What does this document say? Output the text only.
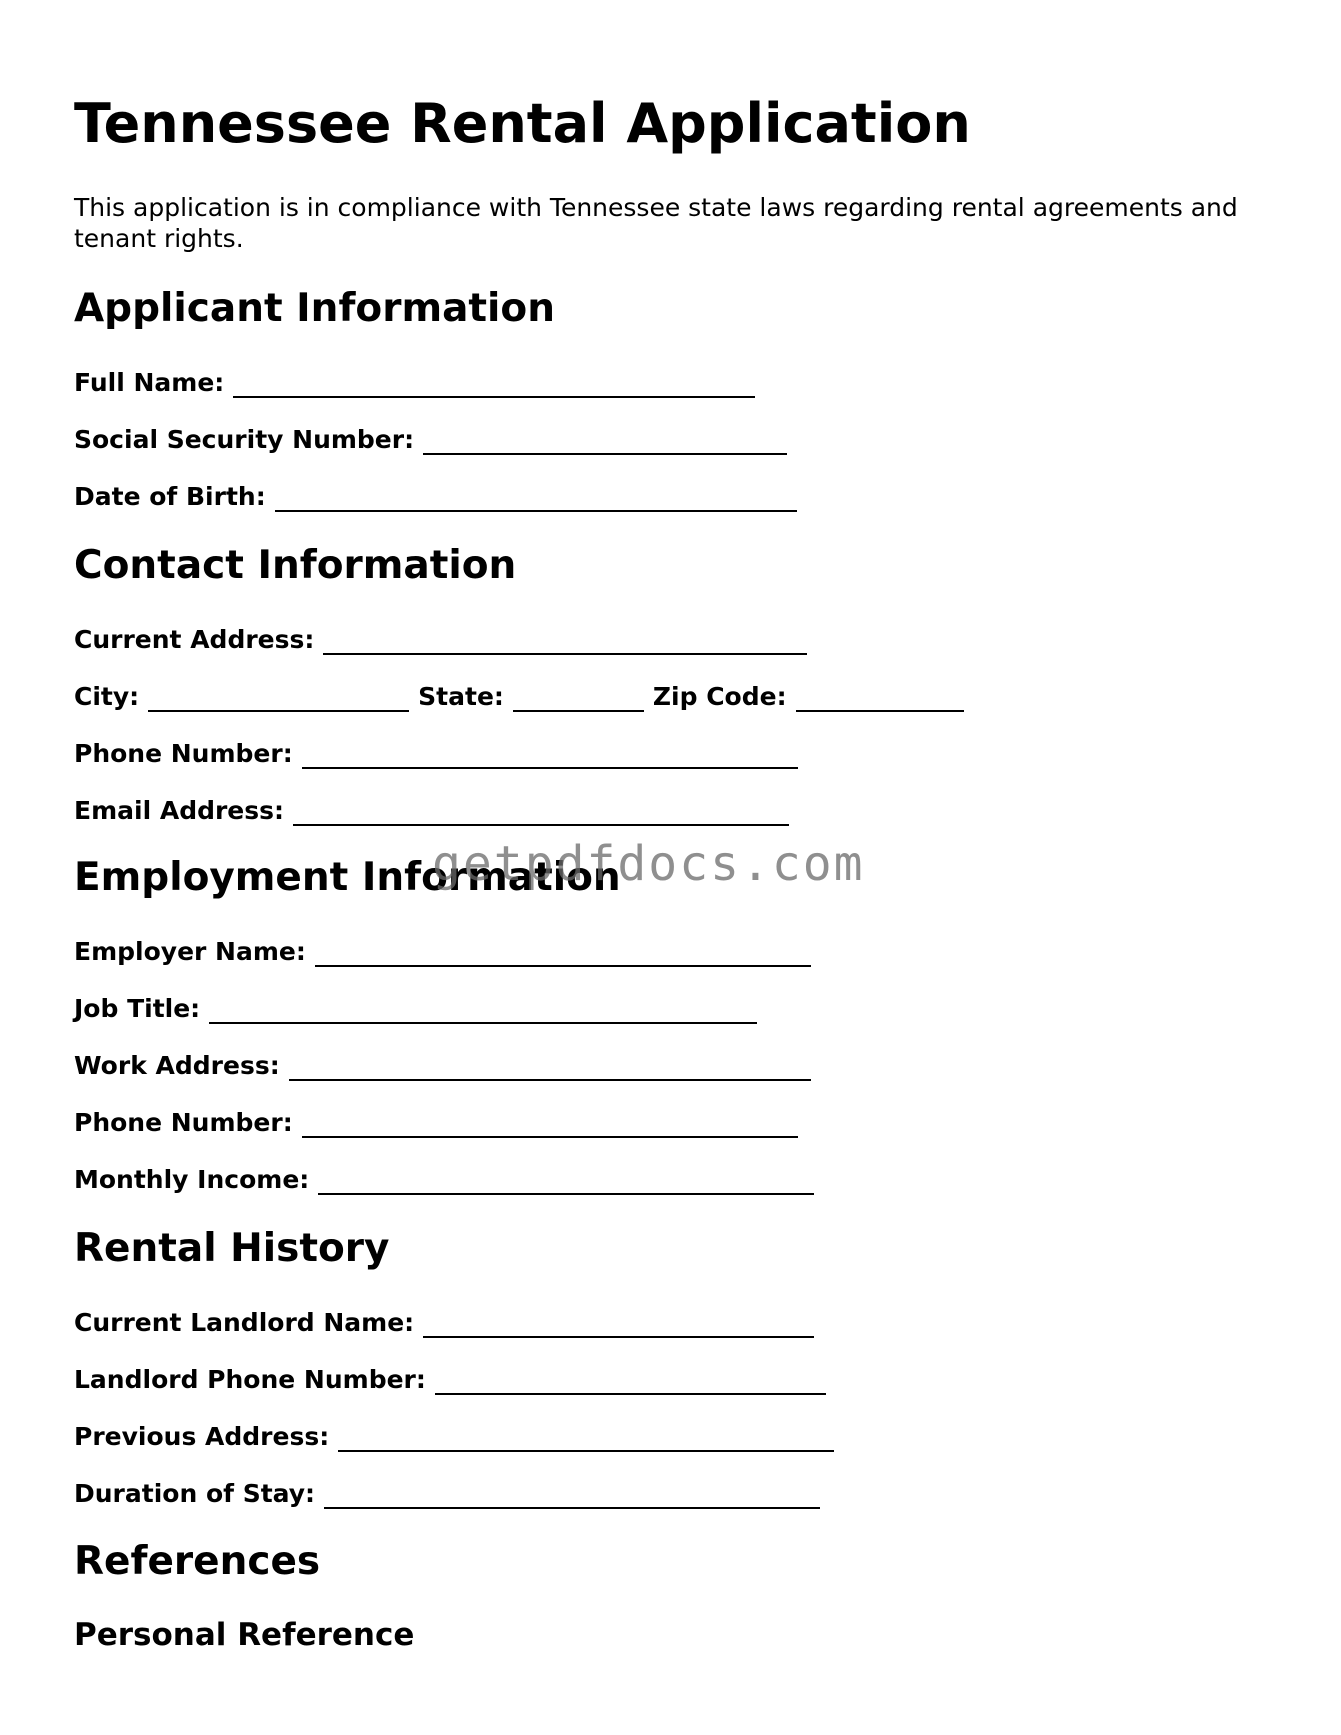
Tennessee Rental Application

This application is in compliance with Tennessee state laws regarding rental agreements and tenant rights.

Applicant Information
Full Name:
Social Security Number:
Date of Birth:
Contact Information
Current Address:
City:	State:	Zip Code:
Phone Number:
Email Address:
Employment Information
Employer Name:
Job Title:
Work Address:
Phone Number:
Monthly Income:
Rental History
Current Landlord Name:
Landlord Phone Number:
Previous Address:
Duration of Stay:
References
Personal Reference
getpdfdocs.com
